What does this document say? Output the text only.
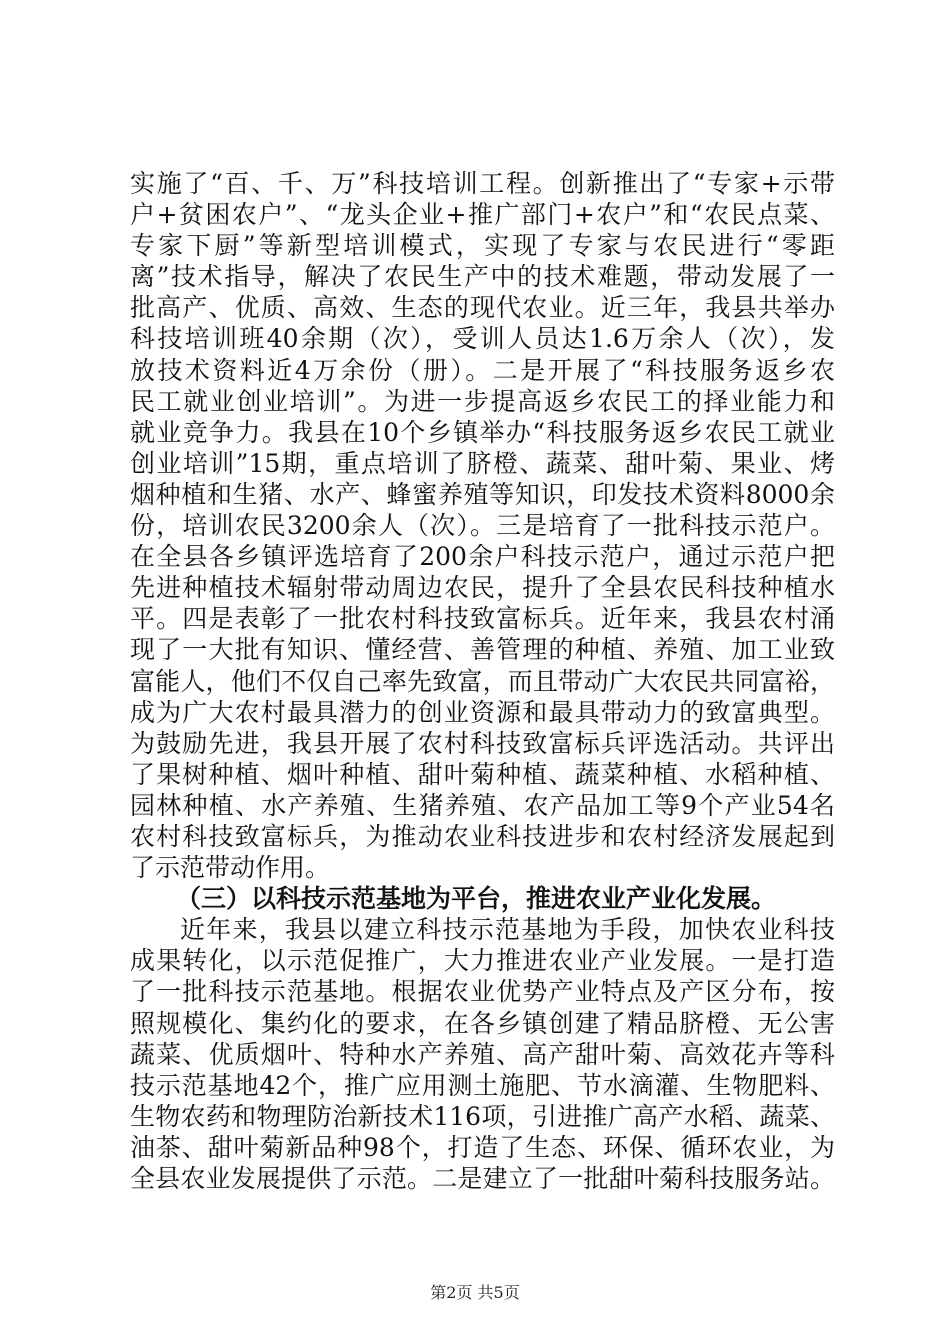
实施了“百、千、万”科技培训工程。创新推出了“专家+示带
户+贫困农户”、“龙头企业+推广部门+农户”和“农民点菜、
专家下厨”等新型培训模式，实现了专家与农民进行“零距
离”技术指导，解决了农民生产中的技术难题，带动发展了一
批高产、优质、高效、生态的现代农业。近三年，我县共举办
科技培训班40余期（次），受训人员达1.6万余人（次），发
放技术资料近4万余份（册）。二是开展了“科技服务返乡农
民工就业创业培训”。为进一步提高返乡农民工的择业能力和
就业竞争力。我县在10个乡镇举办“科技服务返乡农民工就业
创业培训”15期，重点培训了脐橙、蔬菜、甜叶菊、果业、烤
烟种植和生猪、水产、蜂蜜养殖等知识，印发技术资料8000余
份，培训农民3200余人（次）。三是培育了一批科技示范户。
在全县各乡镇评选培育了200余户科技示范户，通过示范户把
先进种植技术辐射带动周边农民，提升了全县农民科技种植水
平。四是表彰了一批农村科技致富标兵。近年来，我县农村涌
现了一大批有知识、懂经营、善管理的种植、养殖、加工业致
富能人，他们不仅自己率先致富，而且带动广大农民共同富裕，
成为广大农村最具潜力的创业资源和最具带动力的致富典型。
为鼓励先进，我县开展了农村科技致富标兵评选活动。共评出
了果树种植、烟叶种植、甜叶菊种植、蔬菜种植、水稻种植、
园林种植、水产养殖、生猪养殖、农产品加工等9个产业54名
农村科技致富标兵，为推动农业科技进步和农村经济发展起到
了示范带动作用。
（三）以科技示范基地为平台，推进农业产业化发展。
近年来，我县以建立科技示范基地为手段，加快农业科技
成果转化，以示范促推广，大力推进农业产业发展。一是打造
了一批科技示范基地。根据农业优势产业特点及产区分布，按
照规模化、集约化的要求，在各乡镇创建了精品脐橙、无公害
蔬菜、优质烟叶、特种水产养殖、高产甜叶菊、高效花卉等科
技示范基地42个，推广应用测土施肥、节水滴灌、生物肥料、
生物农药和物理防治新技术116项，引进推广高产水稻、蔬菜、
油茶、甜叶菊新品种98个，打造了生态、环保、循环农业，为
全县农业发展提供了示范。二是建立了一批甜叶菊科技服务站。
第2页 共5页
